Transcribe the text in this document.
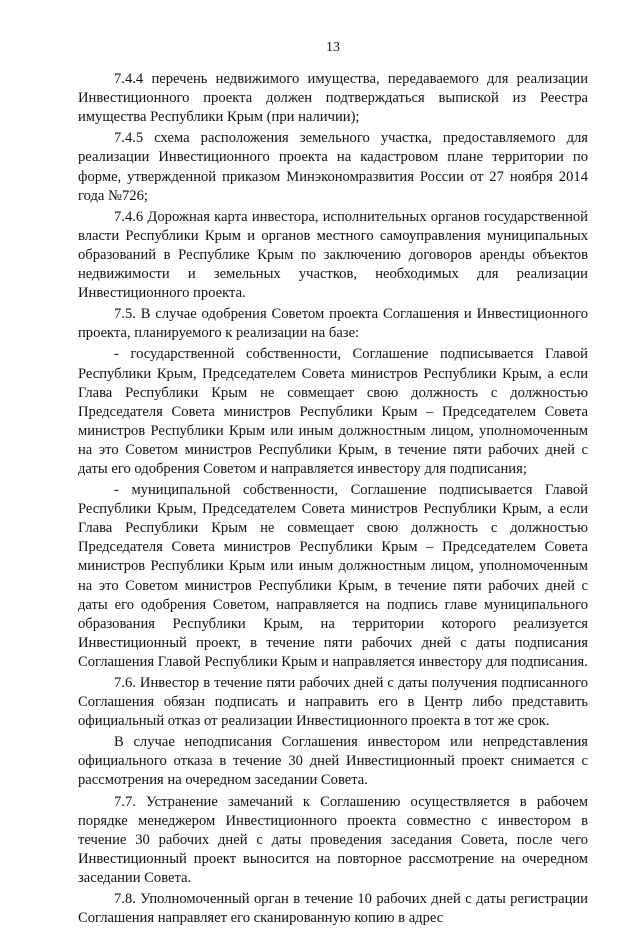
13

7.4.4 перечень недвижимого имущества, передаваемого для реализации Инвестиционного проекта должен подтверждаться выпиской из Реестра имущества Республики Крым (при наличии);

7.4.5 схема расположения земельного участка, предоставляемого для реализации Инвестиционного проекта на кадастровом плане территории по форме, утвержденной приказом Минэкономразвития России от 27 ноября 2014 года №726;

7.4.6 Дорожная карта инвестора, исполнительных органов государственной власти Республики Крым и органов местного самоуправления муниципальных образований в Республике Крым по заключению договоров аренды объектов недвижимости и земельных участков, необходимых для реализации Инвестиционного проекта.

7.5. В случае одобрения Советом проекта Соглашения и Инвестиционного проекта, планируемого к реализации на базе:

- государственной собственности, Соглашение подписывается Главой Республики Крым, Председателем Совета министров Республики Крым, а если Глава Республики Крым не совмещает свою должность с должностью Председателя Совета министров Республики Крым – Председателем Совета министров Республики Крым или иным должностным лицом, уполномоченным на это Советом министров Республики Крым, в течение пяти рабочих дней с даты его одобрения Советом и направляется инвестору для подписания;

- муниципальной собственности, Соглашение подписывается Главой Республики Крым, Председателем Совета министров Республики Крым, а если Глава Республики Крым не совмещает свою должность с должностью Председателя Совета министров Республики Крым – Председателем Совета министров Республики Крым или иным должностным лицом, уполномоченным на это Советом министров Республики Крым, в течение пяти рабочих дней с даты его одобрения Советом, направляется на подпись главе муниципального образования Республики Крым, на территории которого реализуется Инвестиционный проект, в течение пяти рабочих дней с даты подписания Соглашения Главой Республики Крым и направляется инвестору для подписания.

7.6. Инвестор в течение пяти рабочих дней с даты получения подписанного Соглашения обязан подписать и направить его в Центр либо представить официальный отказ от реализации Инвестиционного проекта в тот же срок.

В случае неподписания Соглашения инвестором или непредставления официального отказа в течение 30 дней Инвестиционный проект снимается с рассмотрения на очередном заседании Совета.

7.7. Устранение замечаний к Соглашению осуществляется в рабочем порядке менеджером Инвестиционного проекта совместно с инвестором в течение 30 рабочих дней с даты проведения заседания Совета, после чего Инвестиционный проект выносится на повторное рассмотрение на очередном заседании Совета.

7.8. Уполномоченный орган в течение 10 рабочих дней с даты регистрации Соглашения направляет его сканированную копию в адрес
